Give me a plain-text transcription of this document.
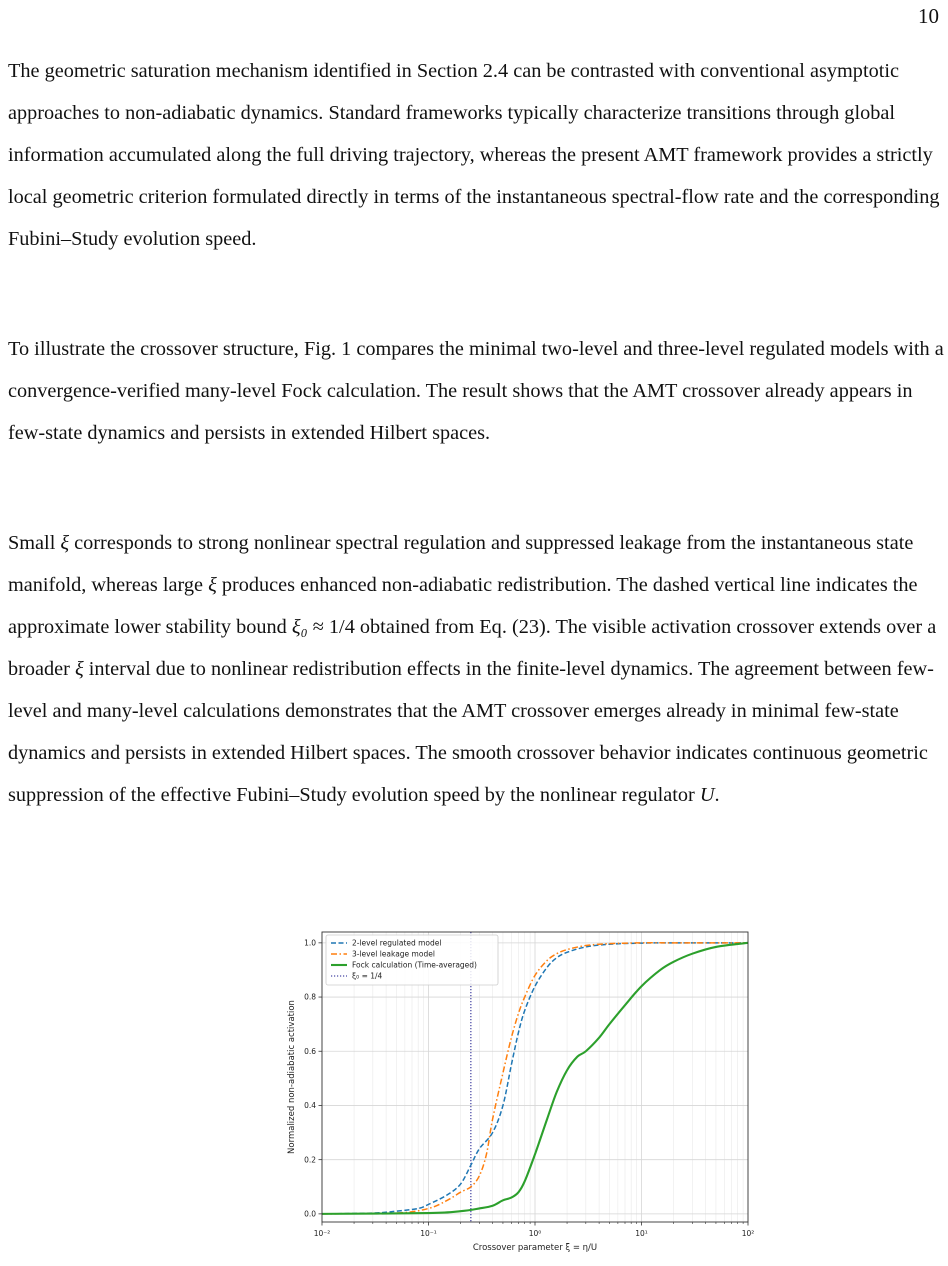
10

The geometric saturation mechanism identified in Section 2.4 can be contrasted with conventional asymptotic approaches to non-adiabatic dynamics. Standard frameworks typically characterize transitions through global information accumulated along the full driving trajectory, whereas the present AMT framework provides a strictly local geometric criterion formulated directly in terms of the instantaneous spectral-flow rate and the corresponding Fubini–Study evolution speed.

To illustrate the crossover structure, Fig. 1 compares the minimal two-level and three-level regulated models with a convergence-verified many-level Fock calculation. The result shows that the AMT crossover already appears in few-state dynamics and persists in extended Hilbert spaces.

Small ξ corresponds to strong nonlinear spectral regulation and suppressed leakage from the instantaneous state manifold, whereas large ξ produces enhanced non-adiabatic redistribution. The dashed vertical line indicates the approximate lower stability bound ξ₀ ≈ 1/4 obtained from Eq. (23). The visible activation crossover extends over a broader ξ interval due to nonlinear redistribution effects in the finite-level dynamics. The agreement between few-level and many-level calculations demonstrates that the AMT crossover emerges already in minimal few-state dynamics and persists in extended Hilbert spaces. The smooth crossover behavior indicates continuous geometric suppression of the effective Fubini–Study evolution speed by the nonlinear regulator U.

10⁻²	10⁻¹	10⁰	10¹	10²
0.0
0.2
0.4
0.6
0.8
1.0
Crossover parameter ξ = η/U
Normalized non-adiabatic activation
2-level regulated model
3-level leakage model
Fock calculation (Time-averaged)
ξ₀ = 1/4
